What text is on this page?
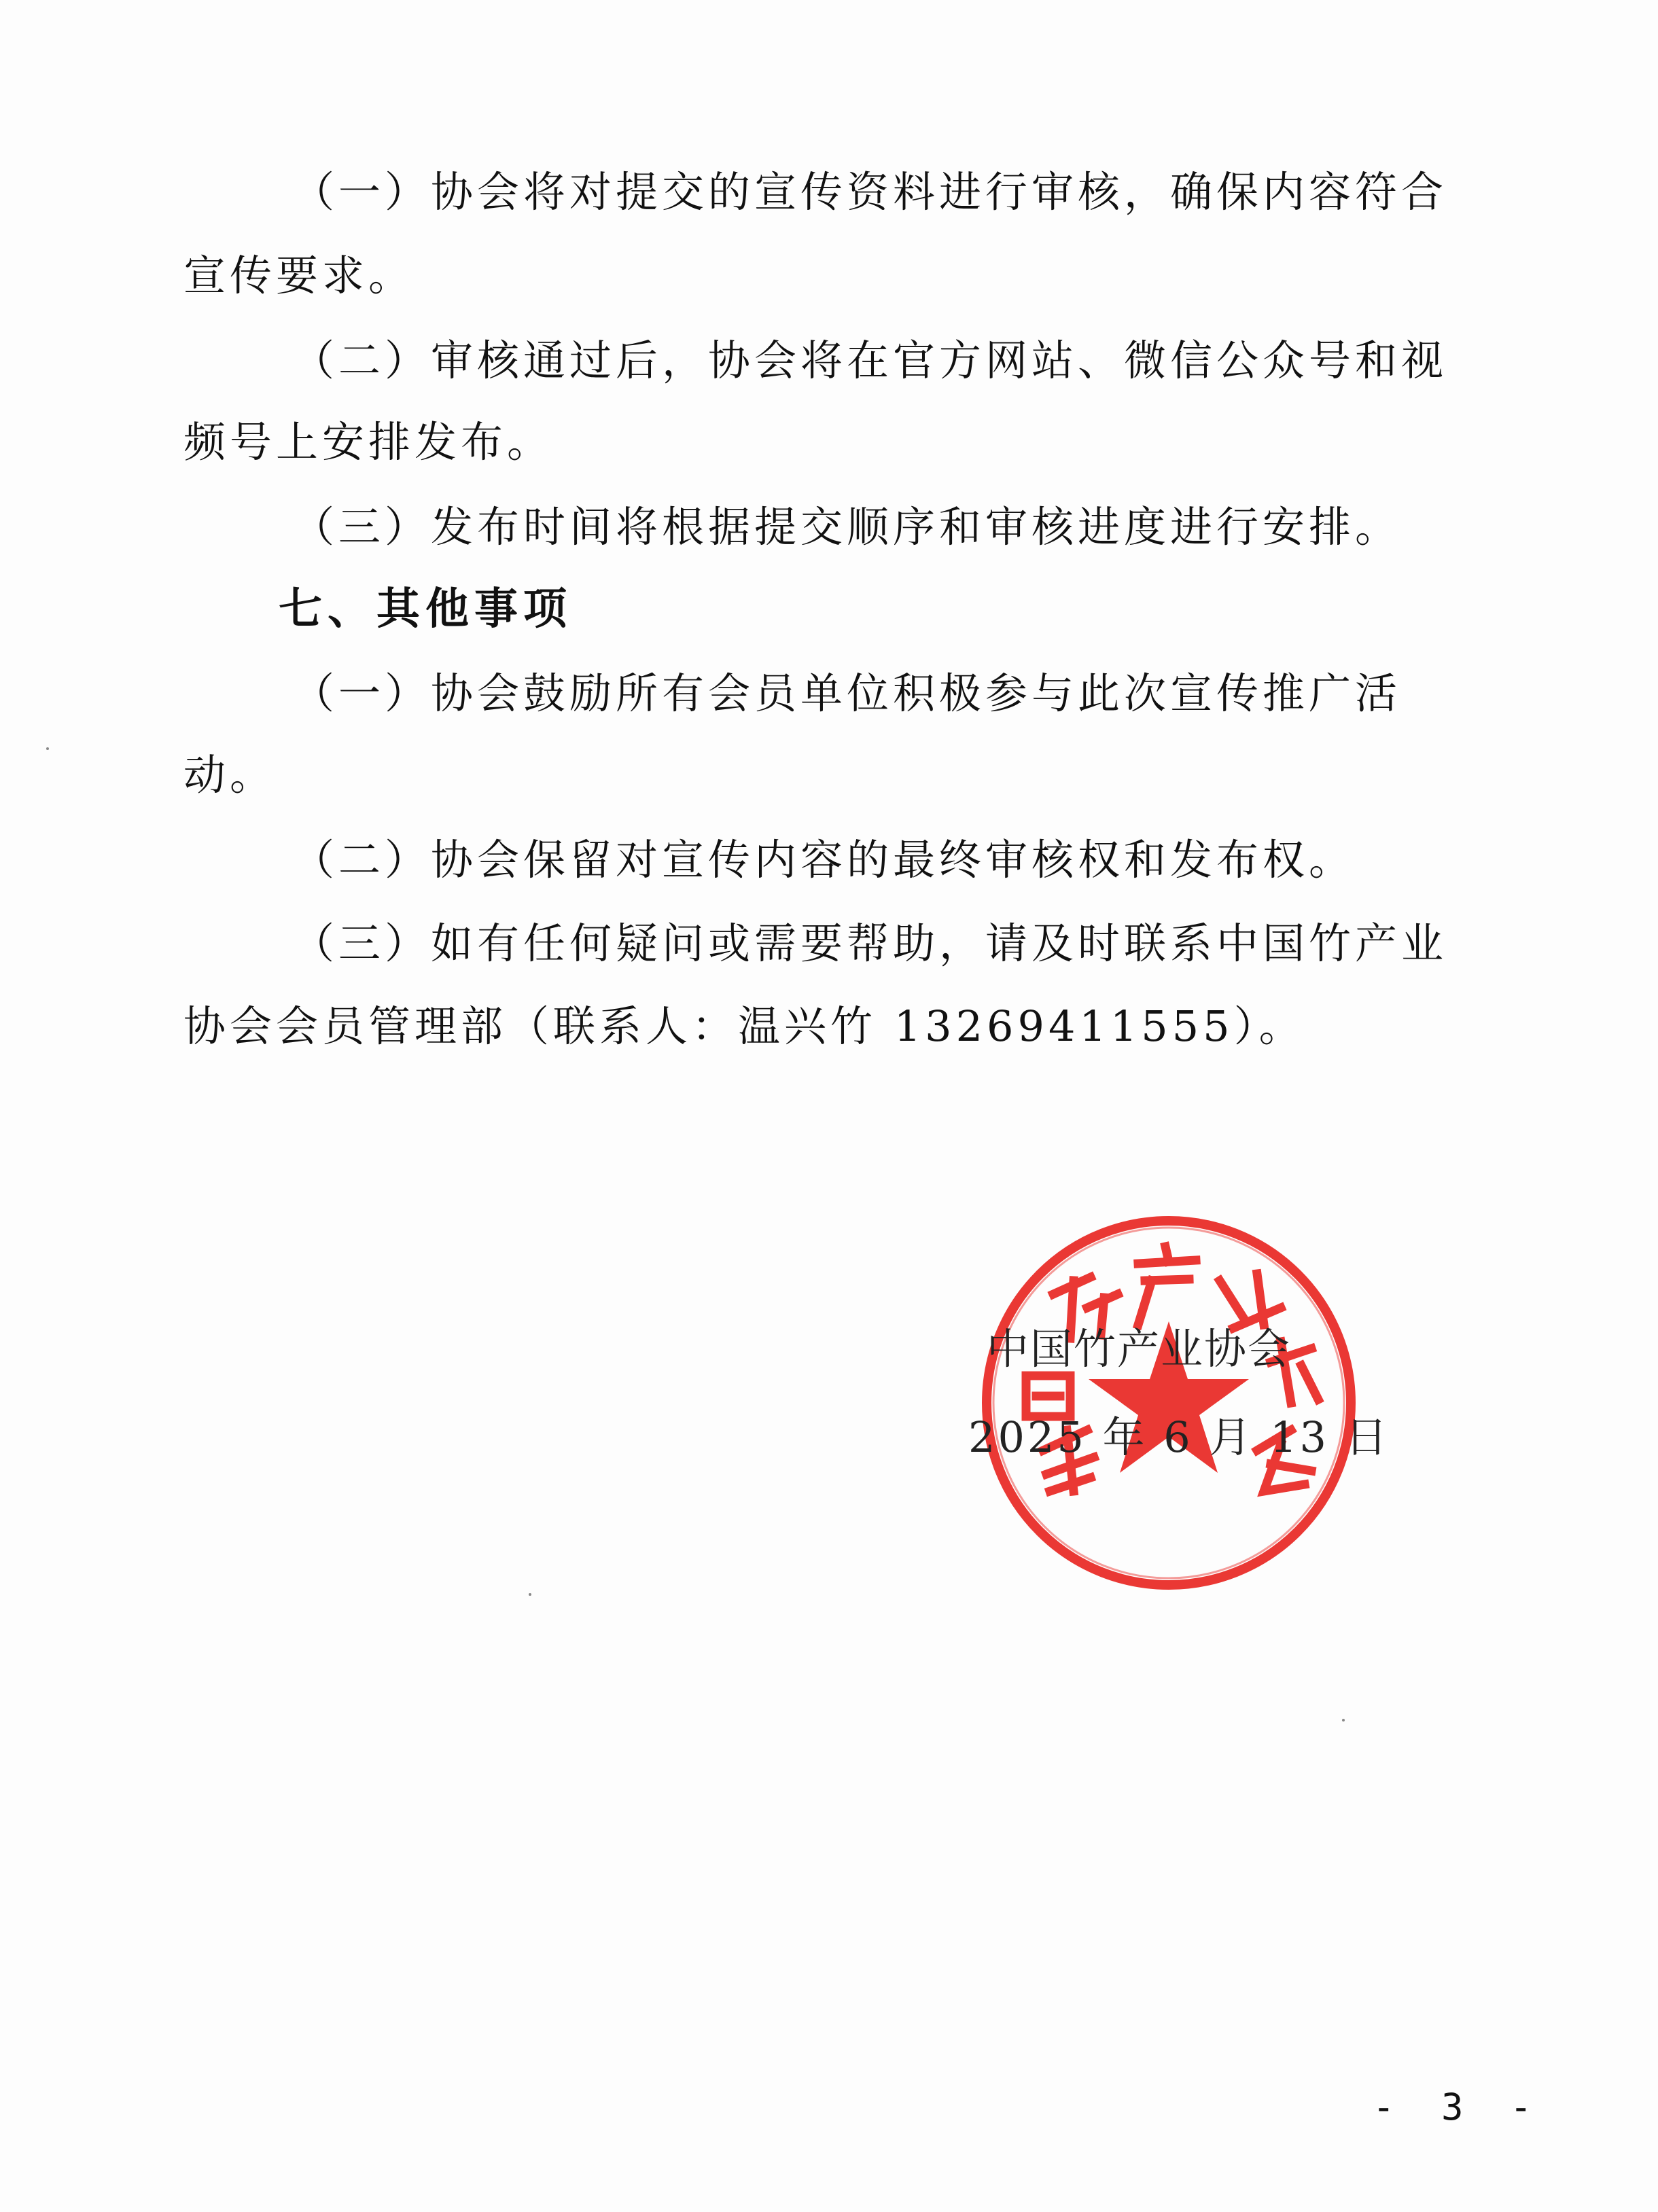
（一）协会将对提交的宣传资料进行审核，确保内容符合
宣传要求。
（二）审核通过后，协会将在官方网站、微信公众号和视
频号上安排发布。
（三）发布时间将根据提交顺序和审核进度进行安排。
七、其他事项
（一）协会鼓励所有会员单位积极参与此次宣传推广活
动。
（二）协会保留对宣传内容的最终审核权和发布权。
（三）如有任何疑问或需要帮助，请及时联系中国竹产业
协会会员管理部（联系人：温兴竹 13269411555）。
中国竹产业协会
2025 年 6 月 13 日
- 3 -
